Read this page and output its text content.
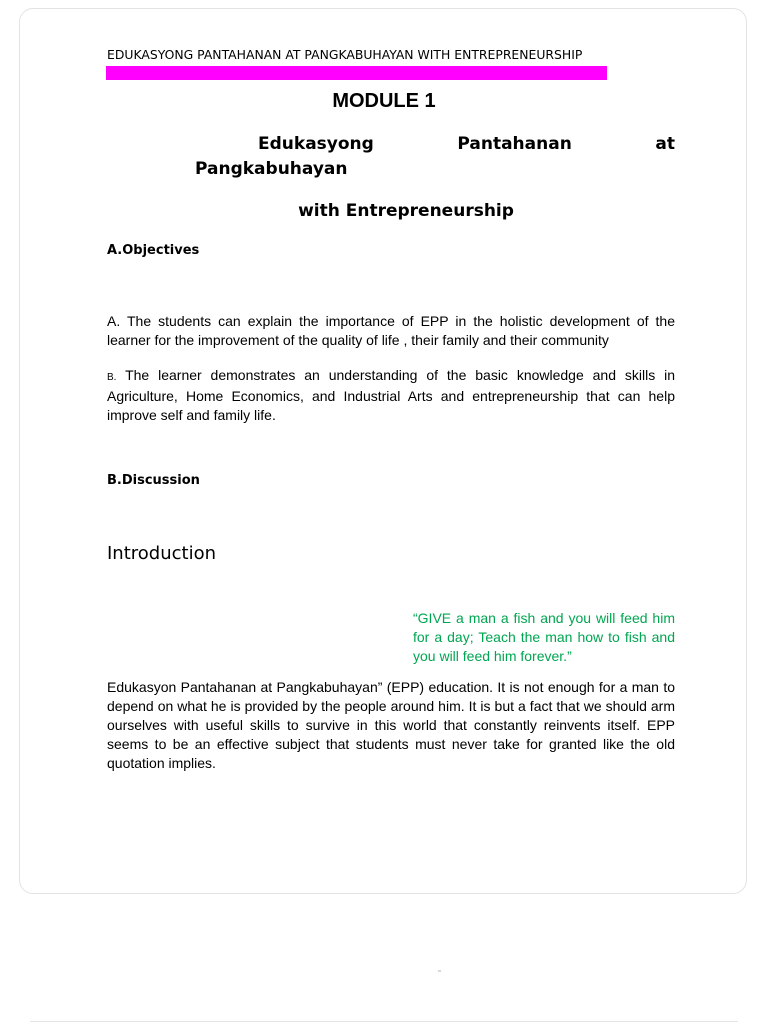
EDUKASYONG PANTAHANAN AT PANGKABUHAYAN WITH ENTREPRENEURSHIP
MODULE 1
Edukasyong	Pantahanan	at
Pangkabuhayan
with Entrepreneurship
A.Objectives

A. The students can explain the importance of EPP in the holistic development of the learner for the improvement of the quality of life , their family and their community

B. The learner demonstrates an understanding of the basic knowledge and skills in Agriculture, Home Economics, and Industrial Arts and entrepreneurship that can help improve self and family life.

B.Discussion
Introduction

“GIVE a man a fish and you will feed him for a day; Teach the man how to fish and you will feed him forever.”

Edukasyon Pantahanan at Pangkabuhayan” (EPP) education. It is not enough for a man to depend on what he is provided by the people around him. It is but a fact that we should arm ourselves with useful skills to survive in this world that constantly reinvents itself. EPP seems to be an effective subject that students must never take for granted like the old quotation implies.
